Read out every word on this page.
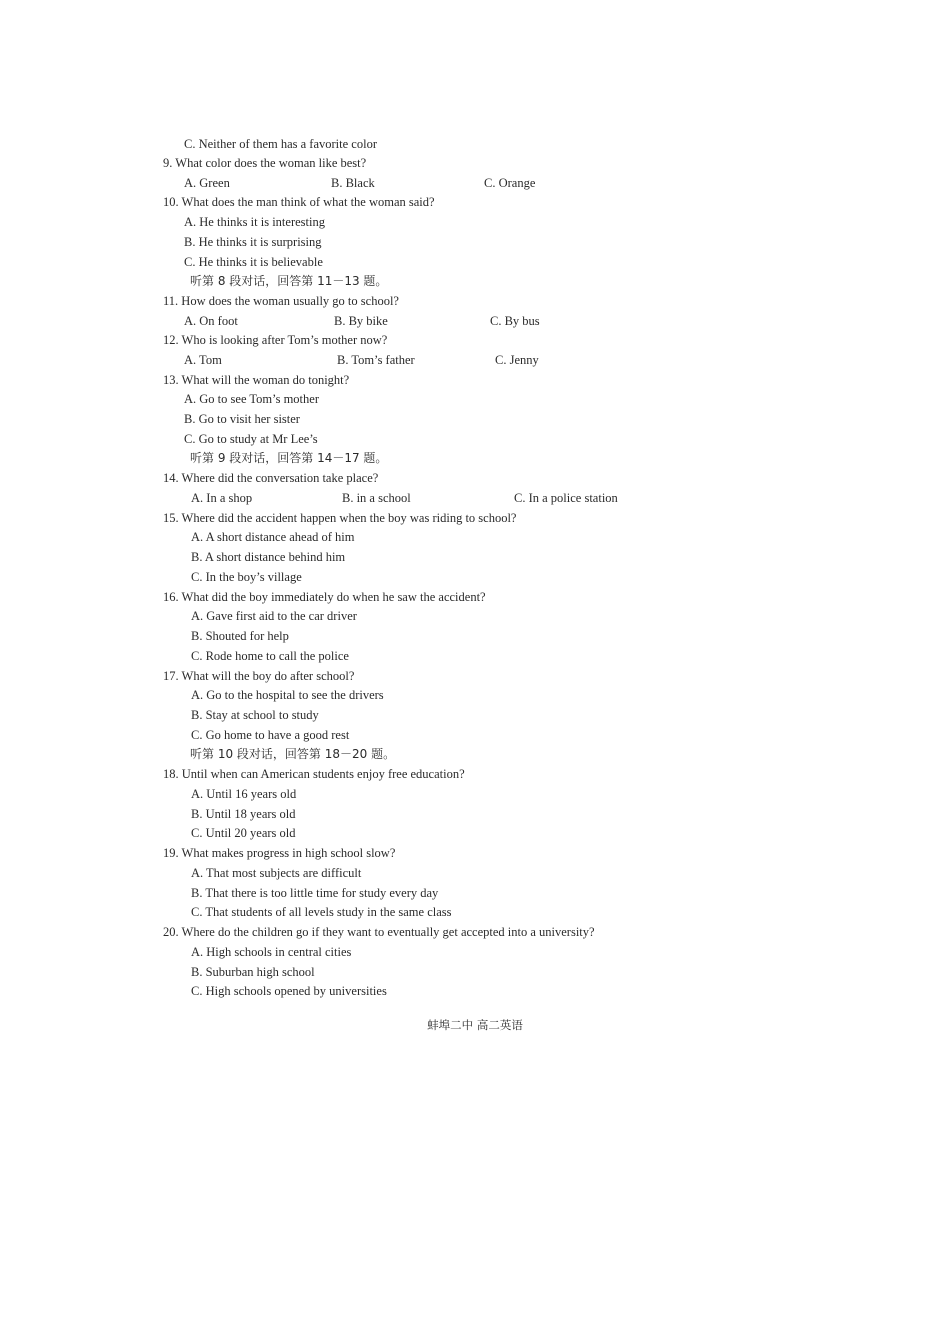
C. Neither of them has a favorite color
9. What color does the woman like best?
A. Green	B. Black	C. Orange
10. What does the man think of what the woman said?
A. He thinks it is interesting
B. He thinks it is surprising
C. He thinks it is believable
听第 8 段对话，回答第 11－13 题。
11. How does the woman usually go to school?
A. On foot	B. By bike	C. By bus
12. Who is looking after Tom’s mother now?
A. Tom	B. Tom’s father	C. Jenny
13. What will the woman do tonight?
A. Go to see Tom’s mother
B. Go to visit her sister
C. Go to study at Mr Lee’s
听第 9 段对话，回答第 14－17 题。
14. Where did the conversation take place?
A. In a shop	B. in a school	C. In a police station
15. Where did the accident happen when the boy was riding to school?
A. A short distance ahead of him
B. A short distance behind him
C. In the boy’s village
16. What did the boy immediately do when he saw the accident?
A. Gave first aid to the car driver
B. Shouted for help
C. Rode home to call the police
17. What will the boy do after school?
A. Go to the hospital to see the drivers
B. Stay at school to study
C. Go home to have a good rest
听第 10 段对话，回答第 18－20 题。
18. Until when can American students enjoy free education?
A. Until 16 years old
B. Until 18 years old
C. Until 20 years old
19. What makes progress in high school slow?
A. That most subjects are difficult
B. That there is too little time for study every day
C. That students of all levels study in the same class
20. Where do the children go if they want to eventually get accepted into a university?
A. High schools in central cities
B. Suburban high school
C. High schools opened by universities
蚌埠二中 高二英语
